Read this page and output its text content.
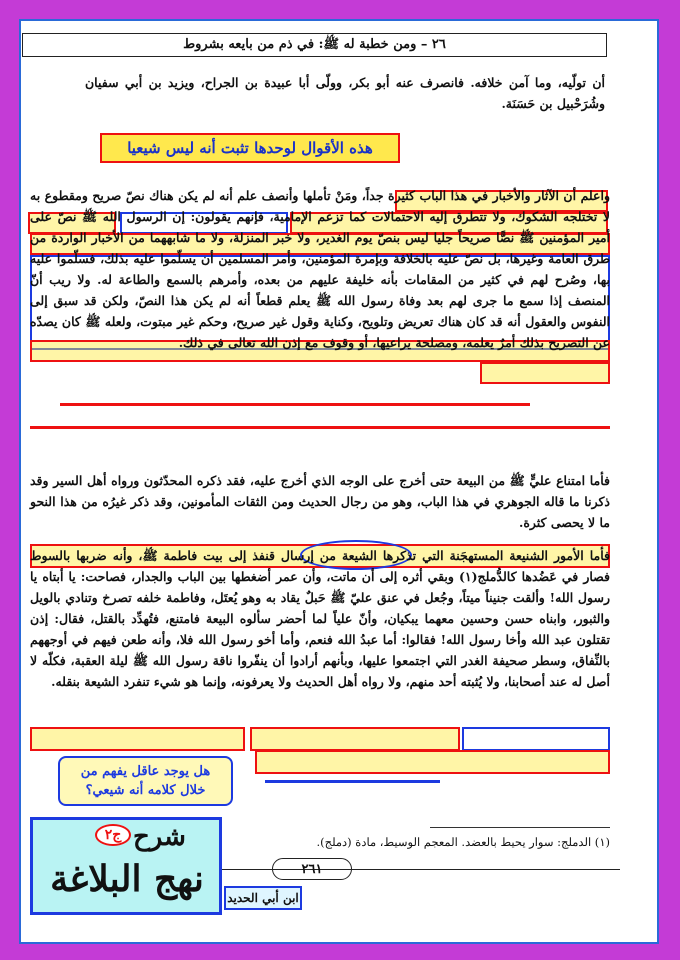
٢٦ – ومن خطبة له ﷺ: في ذم من بايعه بشروط
أن تولّيه، وما آمن خلافه. فانصرف عنه أبو بكر، وولّى أبا عبيدة بن الجراح، ويزيد بن أبي سفيان وشُرَحْبيل بن حَسَنَة.
هذه الأقوال لوحدها تثبت أنه ليس شيعيا
واعلم أن الآثار والأخبار في هذا الباب كثيرة جداً، ومَنْ تأملها وأنصف علم أنه لم يكن هناك نصّ صريح ومقطوع به لا تختلجه الشكوك، ولا تتطرق إليه الاحتمالات كما تزعم الإمامية، فإنهم يقولون: إن الرسول الله ﷺ نصّ على أمير المؤمنين ﷺ نصًّا صريحاً جليا ليس بنصّ يوم الغدير، ولا خبر المنزلة، ولا ما شابههما من الأخبار الواردة من طرق العامة وغيرها، بل نصّ عليه بالخلافة وبإمرة المؤمنين، وأمر المسلمين أن يسلّموا عليه بذلك، فسلّموا عليه بها، وصُرح لهم في كثير من المقامات بأنه خليفة عليهم من بعده، وأمرهم بالسمع والطاعة له. ولا ريب أنّ المنصف إذا سمع ما جرى لهم بعد وفاة رسول الله ﷺ يعلم قطعاً أنه لم يكن هذا النصّ، ولكن قد سبق إلى النفوس والعقول أنه قد كان هناك تعريض وتلويح، وكناية وقول غير صريح، وحكم غير مبتوت، ولعله ﷺ كان يصدّه عن التصريح بذلك أمرٌ يعلمه، ومصلحة يراعيها، أو وقوف مع إذن الله تعالى في ذلك.
فأما امتناع عليٍّ ﷺ من البيعة حتى أخرج على الوجه الذي أخرج عليه، فقد ذكره المحدّثون ورواه أهل السير وقد ذكرنا ما قاله الجوهري في هذا الباب، وهو من رجال الحديث ومن الثقات المأمونين، وقد ذكر غيرُه من هذا النحو ما لا يحصى كثرة.
فأما الأمور الشنيعة المستهجَنة التي تذكرها الشيعة من إرسال قنفذ إلى بيت فاطمة ﷺ، وأنه ضربها بالسوط فصار في عَضُدها كالدُّملج(١) وبقي أثره إلى أن ماتت، وأن عمر أضغطها بين الباب والجدار، فصاحت: يا أبتاه يا رسول الله! وألقت جنيناً ميتاً، وجُعل في عنق عليّ ﷺ حَبلٌ يقاد به وهو يُعتَل، وفاطمة خلفه تصرخ وتنادي بالويل والثبور، وابناه حسن وحسين معهما يبكيان، وأنّ علياً لما أحضر سألوه البيعة فامتنع، فتُهدِّد بالقتل، فقال: إذن تقتلون عبد الله وأخا رسول الله! فقالوا: أما عبدُ الله فنعم، وأما أخو رسول الله فلا، وأنه طعن فيهم في أوجههم بالنِّفاق، وسطر صحيفة الغدر التي اجتمعوا عليها، وبأنهم أرادوا أن ينفّروا ناقة رسول الله ﷺ ليلة العقبة، فكلّه لا أصل له عند أصحابنا، ولا يُثبته أحد منهم، ولا رواه أهل الحديث ولا يعرفونه، وإنما هو شيء تنفرد الشيعة بنقله.
هل يوجد عاقل يفهم من
خلال كلامه أنه شيعي؟
(١) الدملج: سوار يحيط بالعضد. المعجم الوسيط، مادة (دملج).
٢٦١
ج٢ شرح
نهج البلاغة	ابن أبي الحديد
